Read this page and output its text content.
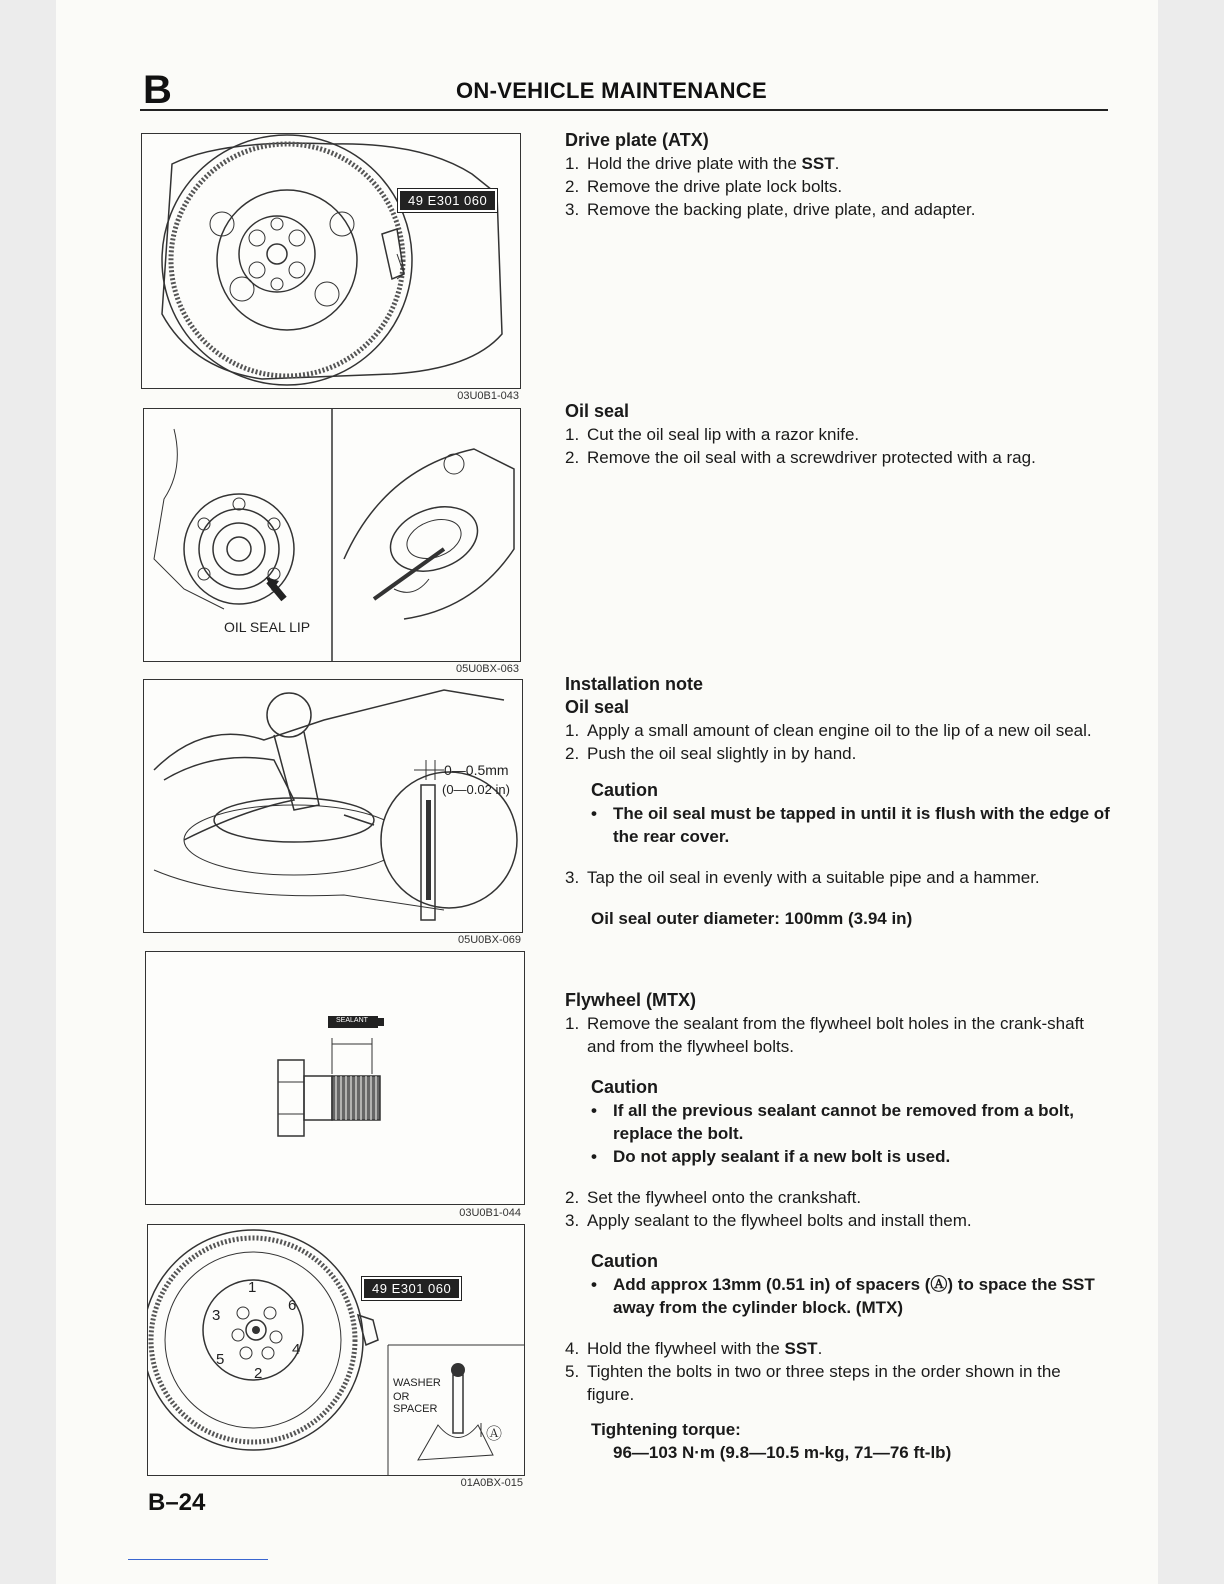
B	ON-VEHICLE MAINTENANCE
49 E301 060
03U0B1-043
OIL SEAL LIP
05U0BX-063
0—0.5mm
(0—0.02 in)
05U0BX-069
SEALANT
03U0B1-044
49 E301 060
1
2
3
4
5
6
WASHER
OR
SPACER
Ⓐ
01A0BX-015
Drive plate (ATX)
1. Hold the drive plate with the SST.
2. Remove the drive plate lock bolts.
3. Remove the backing plate, drive plate, and adapter.
Oil seal
1. Cut the oil seal lip with a razor knife.
2. Remove the oil seal with a screwdriver protected with a rag.
Installation note
Oil seal
1. Apply a small amount of clean engine oil to the lip of a new oil seal.
2. Push the oil seal slightly in by hand.
Caution
• The oil seal must be tapped in until it is flush with the edge of the rear cover.
3. Tap the oil seal in evenly with a suitable pipe and a hammer.
Oil seal outer diameter: 100mm (3.94 in)
Flywheel (MTX)
1. Remove the sealant from the flywheel bolt holes in the crank-shaft and from the flywheel bolts.
Caution
• If all the previous sealant cannot be removed from a bolt, replace the bolt.
• Do not apply sealant if a new bolt is used.
2. Set the flywheel onto the crankshaft.
3. Apply sealant to the flywheel bolts and install them.
Caution
• Add approx 13mm (0.51 in) of spacers (Ⓐ) to space the SST away from the cylinder block. (MTX)
4. Hold the flywheel with the SST.
5. Tighten the bolts in two or three steps in the order shown in the figure.
Tightening torque:
96—103 N·m (9.8—10.5 m-kg, 71—76 ft-lb)
B–24
